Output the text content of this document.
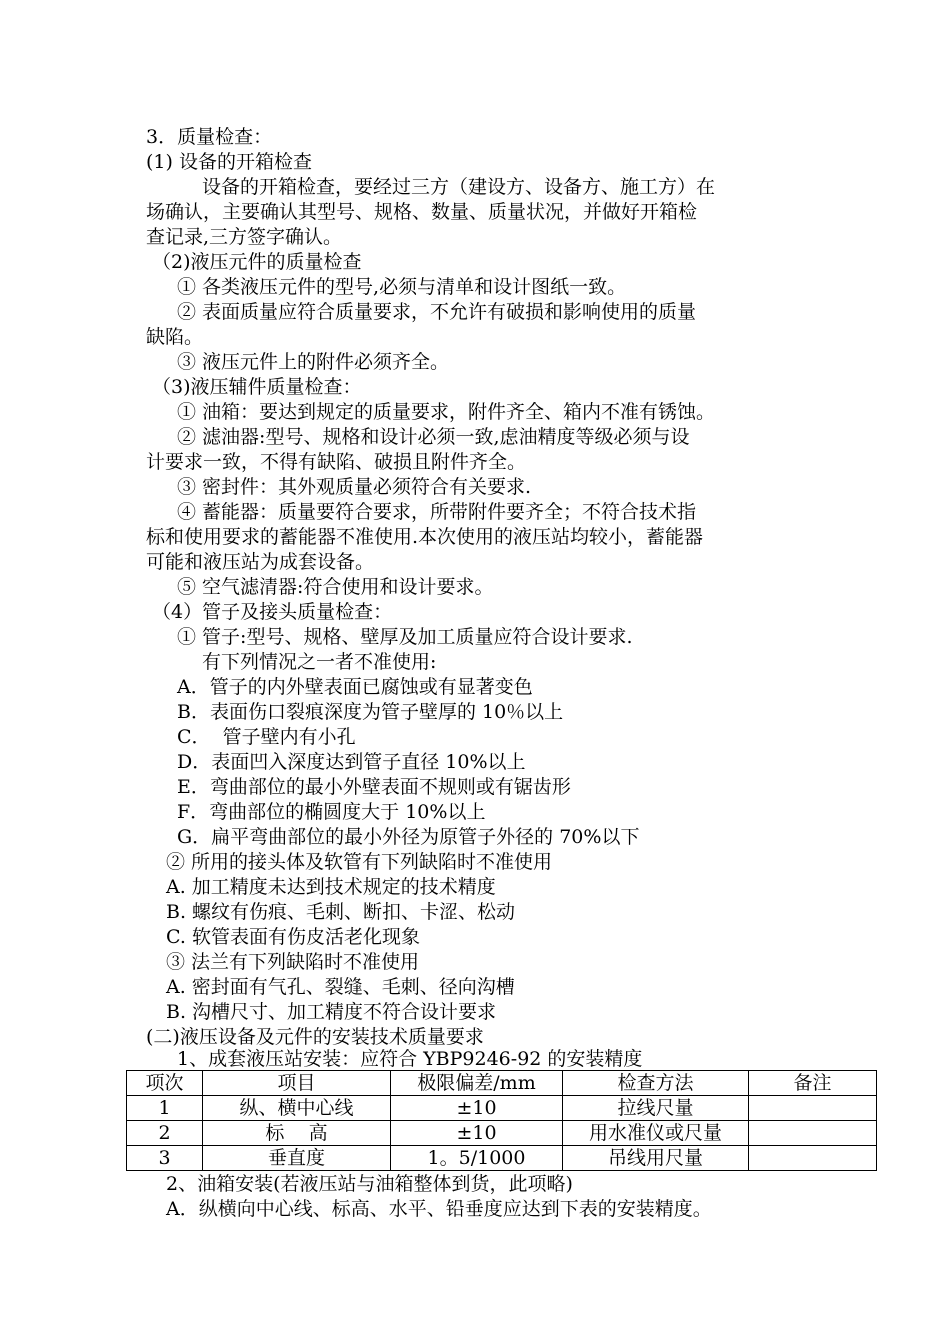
3．质量检查：
(1) 设备的开箱检查
设备的开箱检查，要经过三方（建设方、设备方、施工方）在
场确认，主要确认其型号、规格、数量、质量状况，并做好开箱检
查记录,三方签字确认。
（2)液压元件的质量检查
① 各类液压元件的型号,必须与清单和设计图纸一致。
② 表面质量应符合质量要求，不允许有破损和影响使用的质量
缺陷。
③ 液压元件上的附件必须齐全。
（3)液压辅件质量检查：
① 油箱：要达到规定的质量要求，附件齐全、箱内不准有锈蚀。
② 滤油器:型号、规格和设计必须一致,虑油精度等级必须与设
计要求一致，不得有缺陷、破损且附件齐全。
③ 密封件：其外观质量必须符合有关要求.
④ 蓄能器：质量要符合要求，所带附件要齐全；不符合技术指
标和使用要求的蓄能器不准使用.本次使用的液压站均较小，蓄能器
可能和液压站为成套设备。
⑤ 空气滤清器:符合使用和设计要求。
（4）管子及接头质量检查：
① 管子:型号、规格、壁厚及加工质量应符合设计要求.
有下列情况之一者不准使用:
A．管子的内外壁表面已腐蚀或有显著变色
B．表面伤口裂痕深度为管子壁厚的 10％以上
C．  管子壁内有小孔
D．表面凹入深度达到管子直径 10%以上
E．弯曲部位的最小外壁表面不规则或有锯齿形
F．弯曲部位的椭圆度大于 10%以上
G．扁平弯曲部位的最小外径为原管子外径的 70%以下
② 所用的接头体及软管有下列缺陷时不准使用
A. 加工精度未达到技术规定的技术精度
B. 螺纹有伤痕、毛刺、断扣、卡涩、松动
C. 软管表面有伤皮活老化现象
③ 法兰有下列缺陷时不准使用
A. 密封面有气孔、裂缝、毛刺、径向沟槽
B. 沟槽尺寸、加工精度不符合设计要求
(二)液压设备及元件的安装技术质量要求
1、成套液压站安装：应符合 YBP9246-92 的安装精度
项次	项目	极限偏差/mm	检查方法	备注
1	纵、横中心线	±10	拉线尺量	
2	标    高	±10	用水准仪或尺量	
3	垂直度	1。5/1000	吊线用尺量	
2、油箱安装(若液压站与油箱整体到货，此项略)
A．纵横向中心线、标高、水平、铅垂度应达到下表的安装精度。
